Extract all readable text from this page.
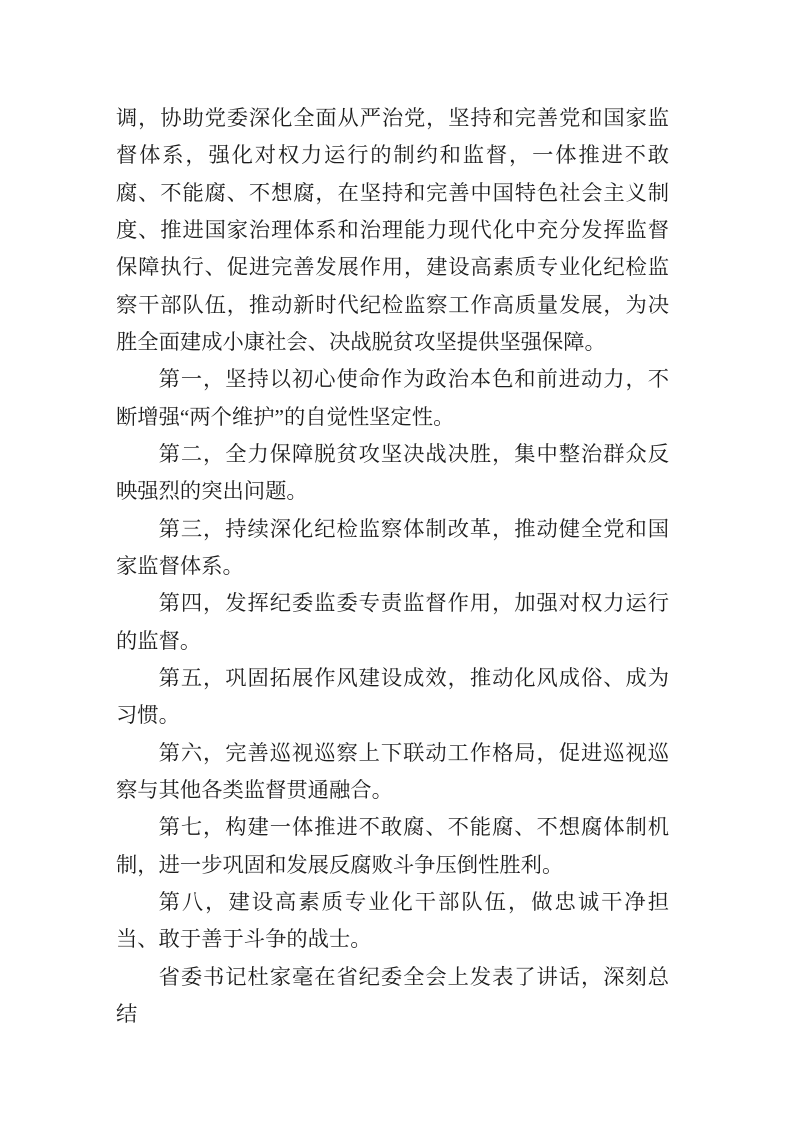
调，协助党委深化全面从严治党，坚持和完善党和国家监督体系，强化对权力运行的制约和监督，一体推进不敢腐、不能腐、不想腐，在坚持和完善中国特色社会主义制度、推进国家治理体系和治理能力现代化中充分发挥监督保障执行、促进完善发展作用，建设高素质专业化纪检监察干部队伍，推动新时代纪检监察工作高质量发展，为决胜全面建成小康社会、决战脱贫攻坚提供坚强保障。

第一，坚持以初心使命作为政治本色和前进动力，不断增强“两个维护”的自觉性坚定性。

第二，全力保障脱贫攻坚决战决胜，集中整治群众反映强烈的突出问题。

第三，持续深化纪检监察体制改革，推动健全党和国家监督体系。

第四，发挥纪委监委专责监督作用，加强对权力运行的监督。

第五，巩固拓展作风建设成效，推动化风成俗、成为习惯。

第六，完善巡视巡察上下联动工作格局，促进巡视巡察与其他各类监督贯通融合。

第七，构建一体推进不敢腐、不能腐、不想腐体制机制，进一步巩固和发展反腐败斗争压倒性胜利。

第八，建设高素质专业化干部队伍，做忠诚干净担当、敢于善于斗争的战士。

省委书记杜家毫在省纪委全会上发表了讲话，深刻总结
